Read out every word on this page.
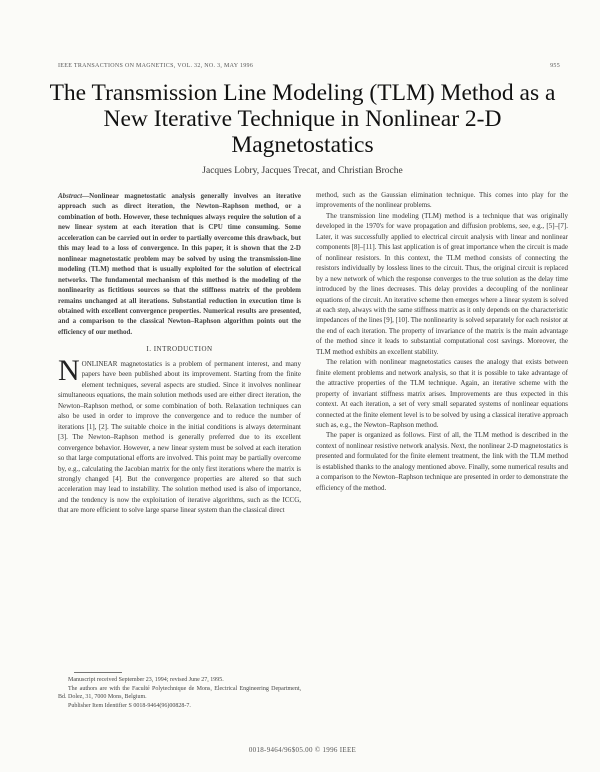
IEEE TRANSACTIONS ON MAGNETICS, VOL. 32, NO. 3, MAY 1996	955
The Transmission Line Modeling (TLM) Method as a New Iterative Technique in Nonlinear 2-D Magnetostatics
Jacques Lobry, Jacques Trecat, and Christian Broche

Abstract—Nonlinear magnetostatic analysis generally involves an iterative approach such as direct iteration, the Newton–Raphson method, or a combination of both. However, these techniques always require the solution of a new linear system at each iteration that is CPU time consuming. Some acceleration can be carried out in order to partially overcome this drawback, but this may lead to a loss of convergence. In this paper, it is shown that the 2-D nonlinear magnetostatic problem may be solved by using the transmission-line modeling (TLM) method that is usually exploited for the solution of electrical networks. The fundamental mechanism of this method is the modeling of the nonlinearity as fictitious sources so that the stiffness matrix of the problem remains unchanged at all iterations. Substantial reduction in execution time is obtained with excellent convergence properties. Numerical results are presented, and a comparison to the classical Newton–Raphson algorithm points out the efficiency of our method.

I. INTRODUCTION

NONLINEAR magnetostatics is a problem of permanent interest, and many papers have been published about its improvement. Starting from the finite element techniques, several aspects are studied. Since it involves nonlinear simultaneous equations, the main solution methods used are either direct iteration, the Newton–Raphson method, or some combination of both. Relaxation techniques can also be used in order to improve the convergence and to reduce the number of iterations [1], [2]. The suitable choice in the initial conditions is always determinant [3]. The Newton–Raphson method is generally preferred due to its excellent convergence behavior. However, a new linear system must be solved at each iteration so that large computational efforts are involved. This point may be partially overcome by, e.g., calculating the Jacobian matrix for the only first iterations where the matrix is strongly changed [4]. But the convergence properties are altered so that such acceleration may lead to instability. The solution method used is also of importance, and the tendency is now the exploitation of iterative algorithms, such as the ICCG, that are more efficient to solve large sparse linear system than the classical direct

Manuscript received September 23, 1994; revised June 27, 1995.

The authors are with the Faculté Polytechnique de Mons, Electrical Engineering Department, Bd. Dolez, 31, 7000 Mons, Belgium.

Publisher Item Identifier S 0018-9464(96)00828-7.

method, such as the Gaussian elimination technique. This comes into play for the improvements of the nonlinear problems.

The transmission line modeling (TLM) method is a technique that was originally developed in the 1970's for wave propagation and diffusion problems, see, e.g., [5]–[7]. Later, it was successfully applied to electrical circuit analysis with linear and nonlinear components [8]–[11]. This last application is of great importance when the circuit is made of nonlinear resistors. In this context, the TLM method consists of connecting the resistors individually by lossless lines to the circuit. Thus, the original circuit is replaced by a new network of which the response converges to the true solution as the delay time introduced by the lines decreases. This delay provides a decoupling of the nonlinear equations of the circuit. An iterative scheme then emerges where a linear system is solved at each step, always with the same stiffness matrix as it only depends on the characteristic impedances of the lines [9], [10]. The nonlinearity is solved separately for each resistor at the end of each iteration. The property of invariance of the matrix is the main advantage of the method since it leads to substantial computational cost savings. Moreover, the TLM method exhibits an excellent stability.

The relation with nonlinear magnetostatics causes the analogy that exists between finite element problems and network analysis, so that it is possible to take advantage of the attractive properties of the TLM technique. Again, an iterative scheme with the property of invariant stiffness matrix arises. Improvements are thus expected in this context. At each iteration, a set of very small separated systems of nonlinear equations connected at the finite element level is to be solved by using a classical iterative approach such as, e.g., the Newton–Raphson method.

The paper is organized as follows. First of all, the TLM method is described in the context of nonlinear resistive network analysis. Next, the nonlinear 2-D magnetostatics is presented and formulated for the finite element treatment, the link with the TLM method is established thanks to the analogy mentioned above. Finally, some numerical results and a comparison to the Newton–Raphson technique are presented in order to demonstrate the efficiency of the method.

0018-9464/96$05.00 © 1996 IEEE
